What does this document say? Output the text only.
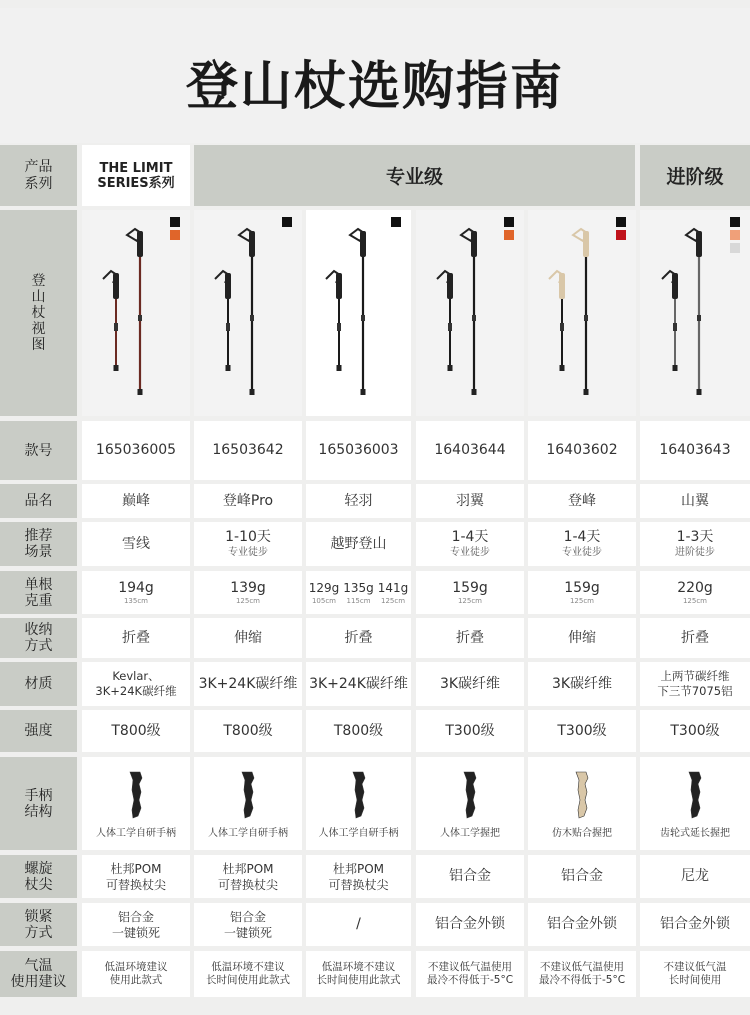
登山杖选购指南
产品
系列
THE LIMIT
SERIES系列	专业级	进阶级
登
山
杖
视
图
款号
品名
推荐
场景
单根
克重
收纳
方式
材质
强度
手柄
结构
螺旋
杖尖
锁紧
方式
气温
使用建议
165036005
巅峰
雪线
194g
135cm
折叠
Kevlar、
3K+24K碳纤维
T800级
人体工学自研手柄
杜邦POM
可替换杖尖
铝合金
一键锁死
低温环境建议
使用此款式
16503642
登峰Pro
1-10天
专业徒步
139g
125cm
伸缩
3K+24K碳纤维
T800级
人体工学自研手柄
杜邦POM
可替换杖尖
铝合金
一键锁死
低温环境不建议
长时间使用此款式
165036003
轻羽
越野登山
129g
105cm
135g
115cm
141g
125cm
折叠
3K+24K碳纤维
T800级
人体工学自研手柄
杜邦POM
可替换杖尖
/
低温环境不建议
长时间使用此款式
16403644
羽翼
1-4天
专业徒步
159g
125cm
折叠
3K碳纤维
T300级
人体工学握把
铝合金
铝合金外锁
不建议低气温使用
最冷不得低于-5°C
16403602
登峰
1-4天
专业徒步
159g
125cm
伸缩
3K碳纤维
T300级
仿木贴合握把
铝合金
铝合金外锁
不建议低气温使用
最冷不得低于-5°C
16403643
山翼
1-3天
进阶徒步
220g
125cm
折叠
上两节碳纤维
下三节7075铝
T300级
齿轮式延长握把
尼龙
铝合金外锁
不建议低气温
长时间使用
